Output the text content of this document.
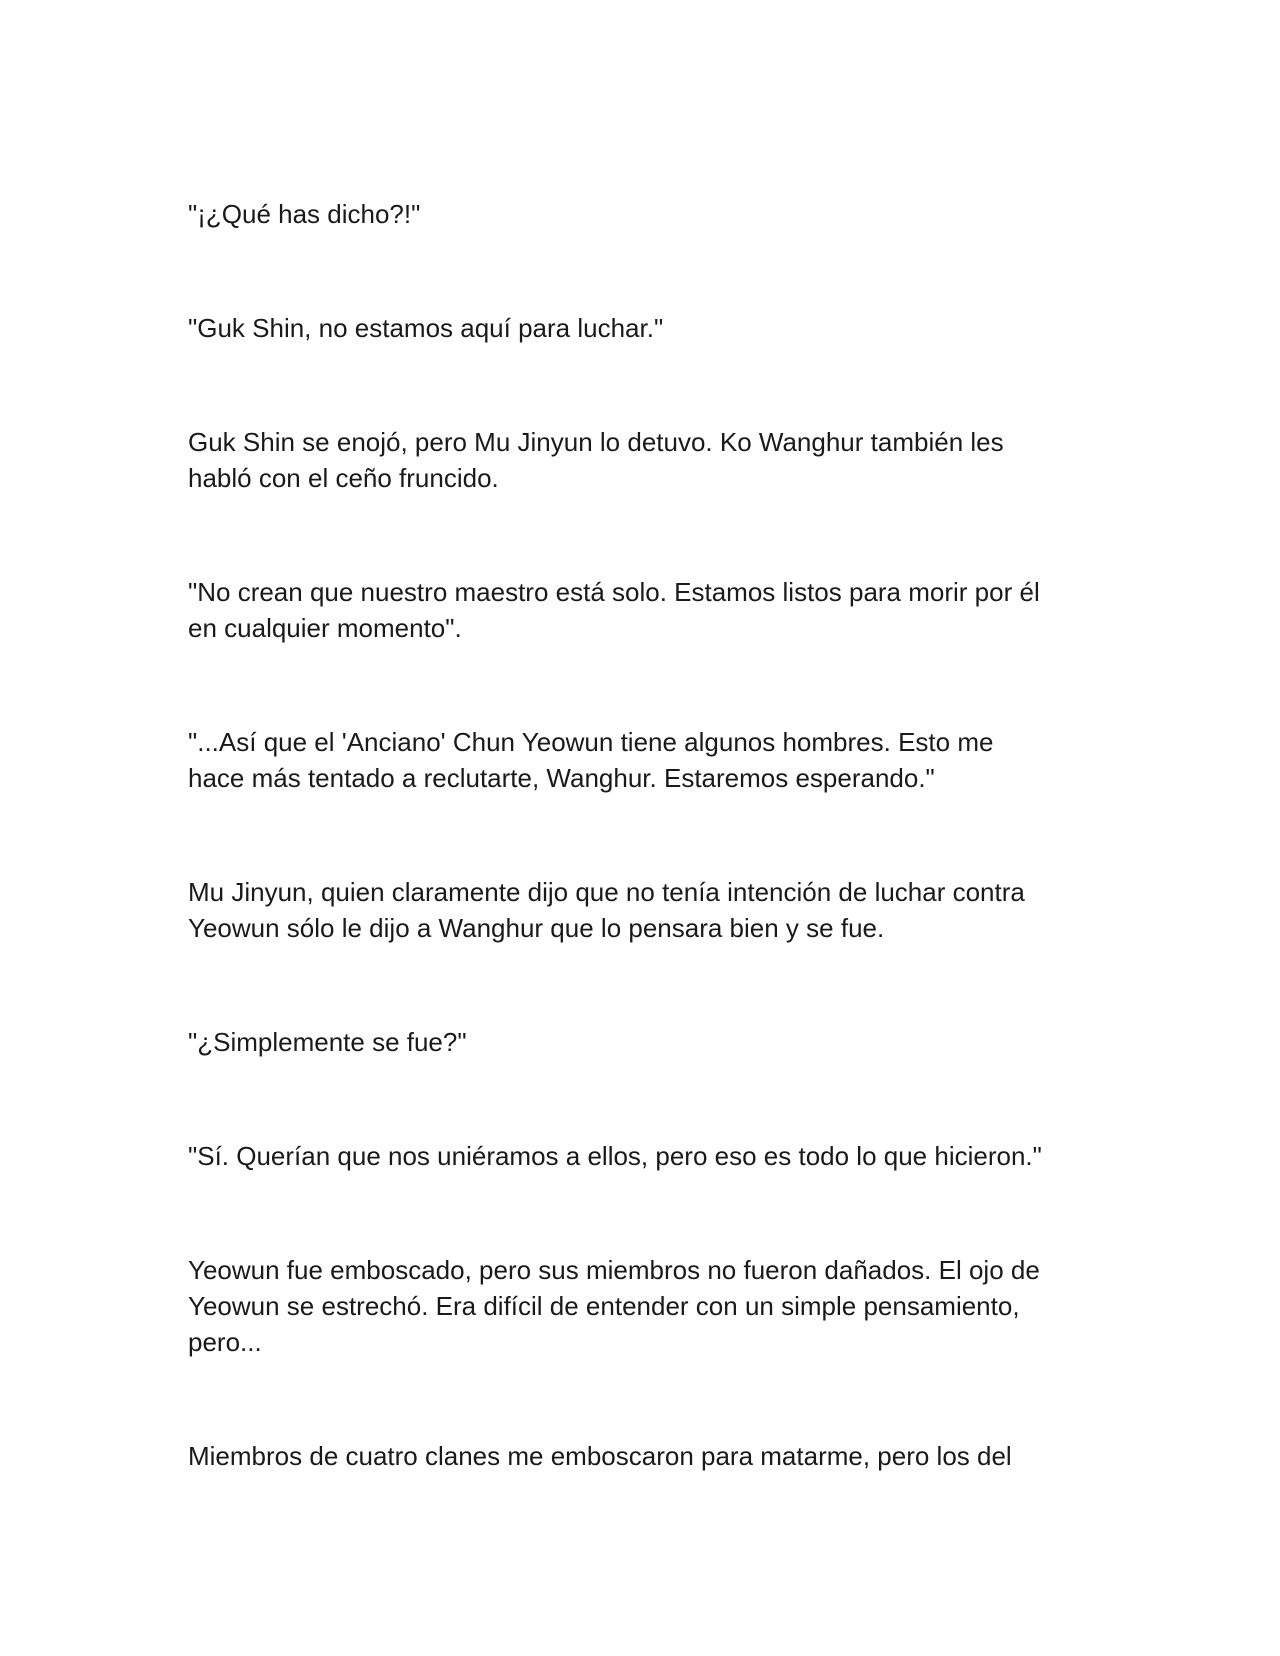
"¡¿Qué has dicho?!"

"Guk Shin, no estamos aquí para luchar."

Guk Shin se enojó, pero Mu Jinyun lo detuvo. Ko Wanghur también les
habló con el ceño fruncido.

"No crean que nuestro maestro está solo. Estamos listos para morir por él
en cualquier momento".

"...Así que el 'Anciano' Chun Yeowun tiene algunos hombres. Esto me
hace más tentado a reclutarte, Wanghur. Estaremos esperando."

Mu Jinyun, quien claramente dijo que no tenía intención de luchar contra
Yeowun sólo le dijo a Wanghur que lo pensara bien y se fue.

"¿Simplemente se fue?"

"Sí. Querían que nos uniéramos a ellos, pero eso es todo lo que hicieron."

Yeowun fue emboscado, pero sus miembros no fueron dañados. El ojo de
Yeowun se estrechó. Era difícil de entender con un simple pensamiento,
pero...

Miembros de cuatro clanes me emboscaron para matarme, pero los del
